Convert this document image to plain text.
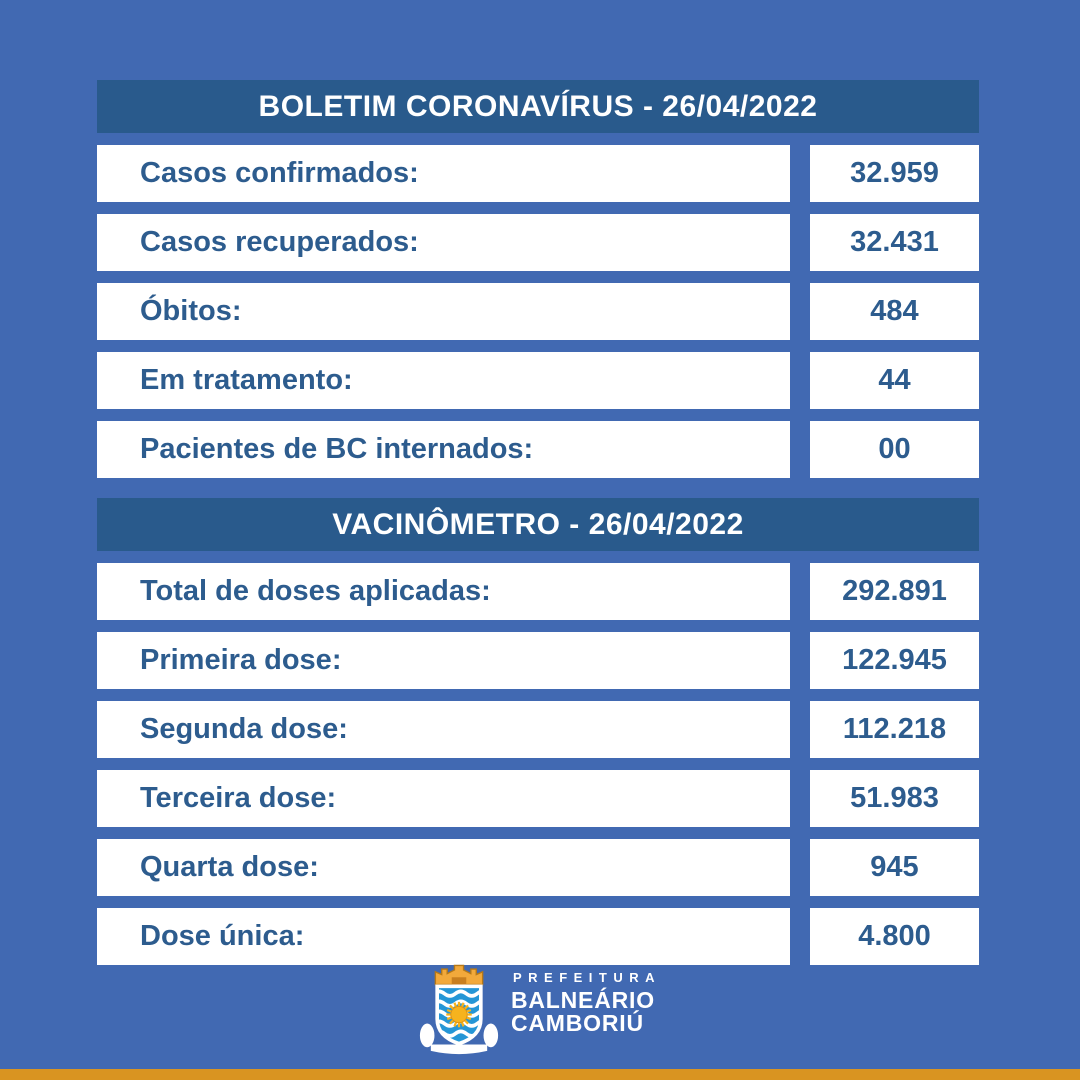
BOLETIM CORONAVÍRUS - 26/04/2022
Casos confirmados:	32.959
Casos recuperados:	32.431
Óbitos:	484
Em tratamento:	44
Pacientes de BC internados:	00
VACINÔMETRO - 26/04/2022
Total de doses aplicadas:	292.891
Primeira dose:	122.945
Segunda dose:	112.218
Terceira dose:	51.983
Quarta dose:	945
Dose única:	4.800
PREFEITURA
BALNEÁRIO
CAMBORIÚ
